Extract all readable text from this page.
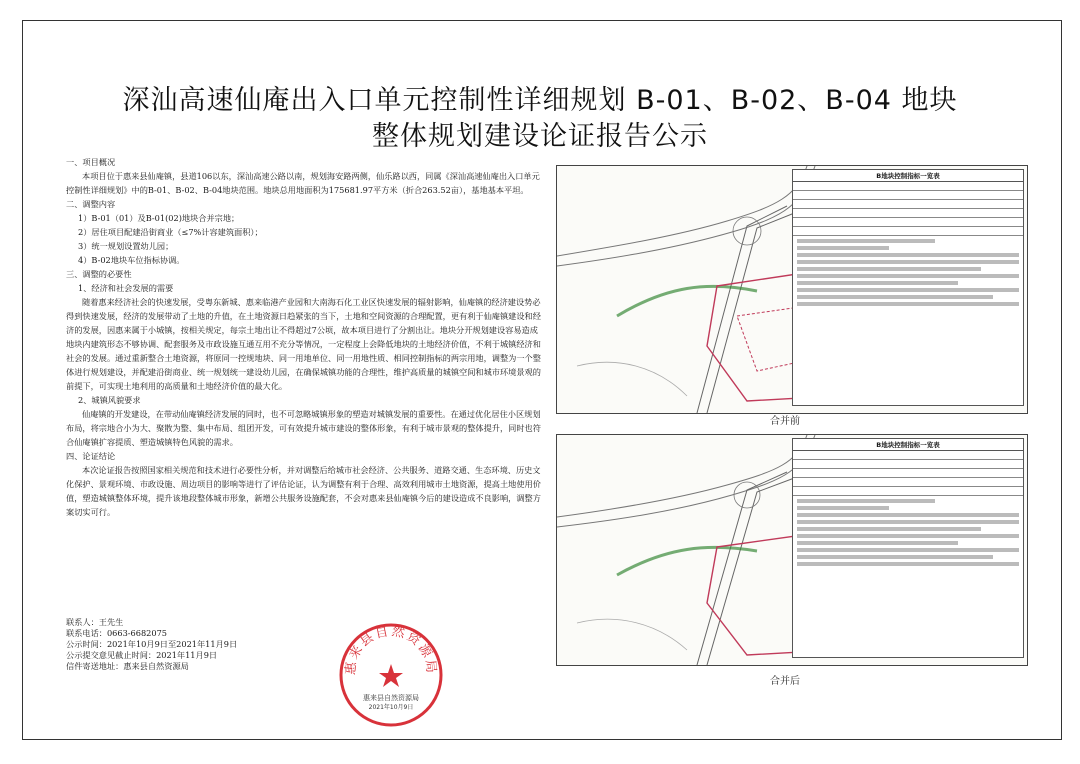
深汕高速仙庵出入口单元控制性详细规划 B-01、B-02、B-04 地块
整体规划建设论证报告公示

一、项目概况

本项目位于惠来县仙庵镇，县道106以东，深汕高速公路以南，规划海安路两侧，仙乐路以西，同属《深汕高速仙庵出入口单元控制性详细规划》中的B-01、B-02、B-04地块范围。地块总用地面积为175681.97平方米（折合263.52亩），基地基本平坦。

二、调整内容

1）B-01（01）及B-01(02)地块合并宗地；

2）居住项目配建沿街商业（≤7%计容建筑面积）；

3）统一规划设置幼儿园；

4）B-02地块车位指标协调。

三、调整的必要性

1、经济和社会发展的需要

随着惠来经济社会的快速发展，受粤东新城、惠来临港产业园和大南海石化工业区快速发展的辐射影响，仙庵镇的经济建设势必得到快速发展，经济的发展带动了土地的升值，在土地资源日趋紧张的当下，土地和空间资源的合理配置，更有利于仙庵镇建设和经济的发展，因惠来属于小城镇，按相关规定，每宗土地出让不得超过7公顷，故本项目进行了分割出让。地块分开规划建设容易造成地块内建筑形态不够协调、配套服务及市政设施互通互用不充分等情况，一定程度上会降低地块的土地经济价值，不利于城镇经济和社会的发展。通过重新整合土地资源，将原同一控规地块、同一用地单位、同一用地性质、相同控制指标的两宗用地，调整为一个整体进行规划建设，并配建沿街商业、统一规划统一建设幼儿园，在确保城镇功能的合理性，维护高质量的城镇空间和城市环境景观的前提下，可实现土地利用的高质量和土地经济价值的最大化。

2、城镇风貌要求

仙庵镇的开发建设，在带动仙庵镇经济发展的同时，也不可忽略城镇形象的塑造对城镇发展的重要性。在通过优化居住小区规划布局，将宗地合小为大、聚散为整、集中布局、组团开发，可有效提升城市建设的整体形象，有利于城市景观的整体提升，同时也符合仙庵镇扩容提质、塑造城镇特色风貌的需求。

四、论证结论

本次论证报告按照国家相关规范和技术进行必要性分析，并对调整后给城市社会经济、公共服务、道路交通、生态环境、历史文化保护、景观环境、市政设施、周边项目的影响等进行了评估论证，认为调整有利于合理、高效利用城市土地资源，提高土地使用价值，塑造城镇整体环境，提升该地段整体城市形象，新增公共服务设施配套，不会对惠来县仙庵镇今后的建设造成不良影响，调整方案切实可行。

联系人：王先生

联系电话：0663-6682075

公示时间：2021年10月9日至2021年11月9日

公示提交意见截止时间：2021年11月9日

信件寄送地址：惠来县自然资源局	惠来县自然资源局
惠来县自然资源局
2021年10月9日
B地块控制指标一览表
合并前
B地块控制指标一览表
合并后
